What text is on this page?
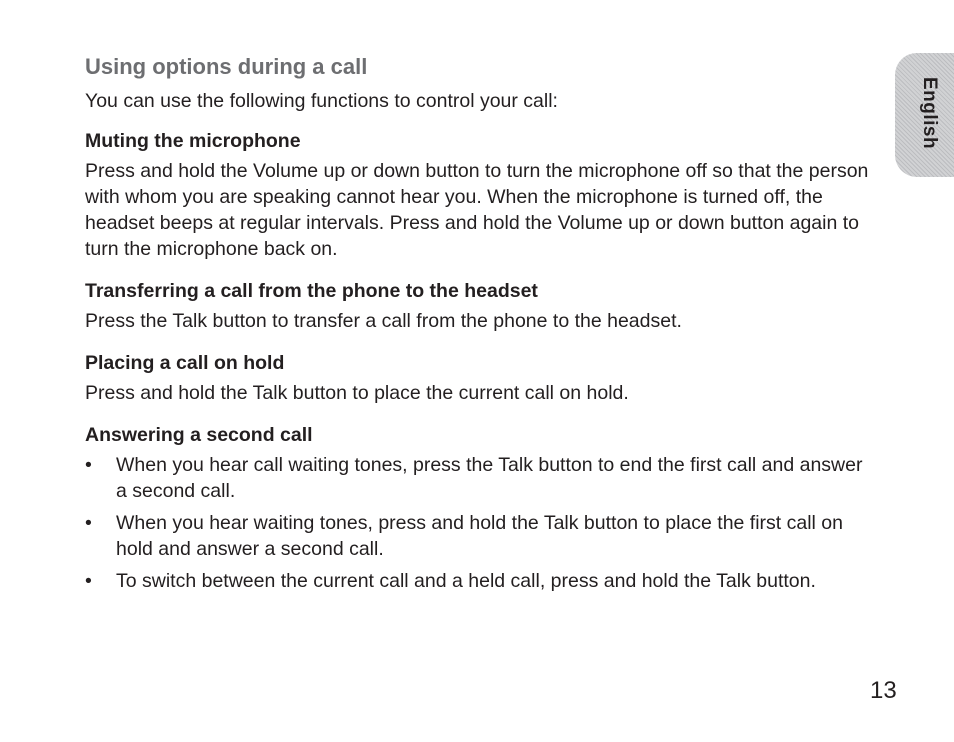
Using options during a call

You can use the following functions to control your call:

Muting the microphone

Press and hold the Volume up or down button to turn the microphone off so that the person with whom you are speaking cannot hear you. When the microphone is turned off, the headset beeps at regular intervals. Press and hold the Volume up or down button again to turn the microphone back on.

Transferring a call from the phone to the headset

Press the Talk button to transfer a call from the phone to the headset.

Placing a call on hold

Press and hold the Talk button to place the current call on hold.

Answering a second call
• When you hear call waiting tones, press the Talk button to end the first call and answer a second call.
• When you hear waiting tones, press and hold the Talk button to place the first call on hold and answer a second call.
• To switch between the current call and a held call, press and hold the Talk button.
English
13
